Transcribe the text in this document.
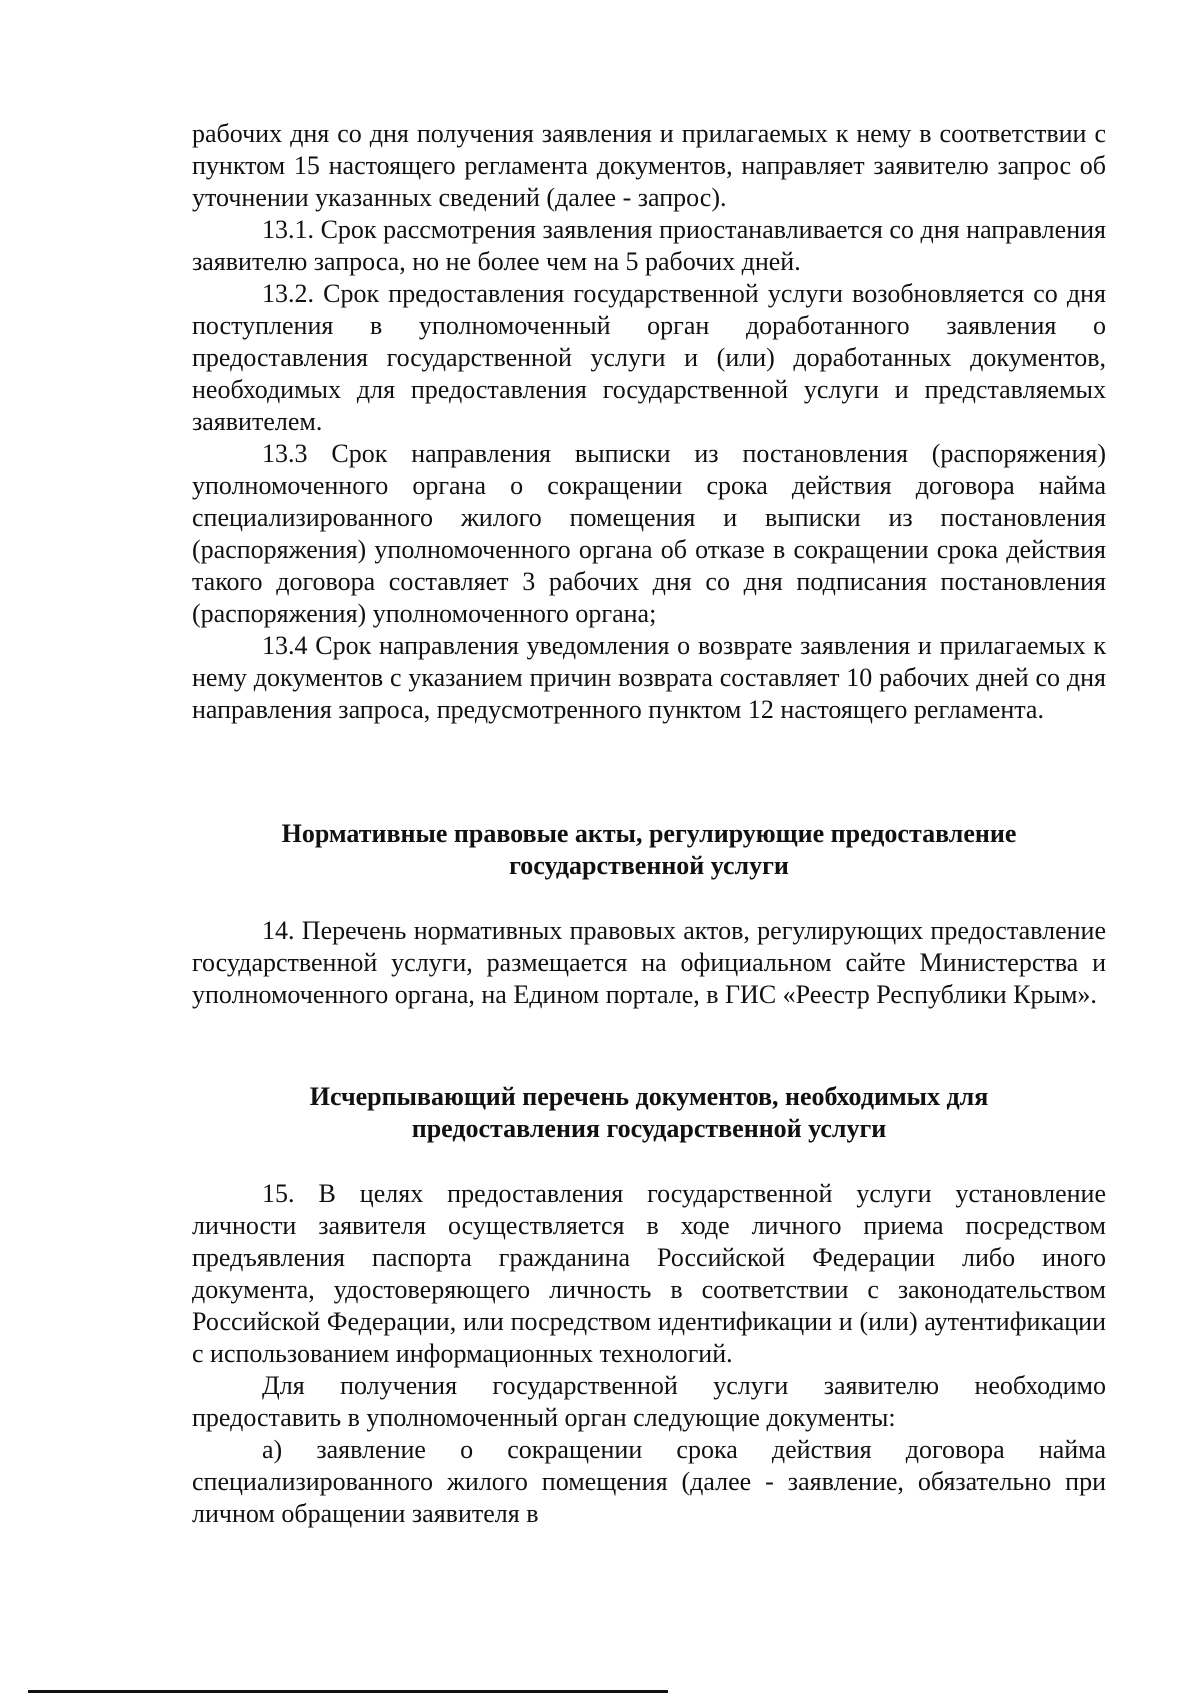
рабочих дня со дня получения заявления и прилагаемых к нему в соответствии с пунктом 15 настоящего регламента документов, направляет заявителю запрос об уточнении указанных сведений (далее - запрос).

13.1. Срок рассмотрения заявления приостанавливается со дня направления заявителю запроса, но не более чем на 5 рабочих дней.

13.2. Срок предоставления государственной услуги возобновляется со дня поступления в уполномоченный орган доработанного заявления о предоставления государственной услуги и (или) доработанных документов, необходимых для предоставления государственной услуги и представляемых заявителем.

13.3 Срок направления выписки из постановления (распоряжения) уполномоченного органа о сокращении срока действия договора найма специализированного жилого помещения и выписки из постановления (распоряжения) уполномоченного органа об отказе в сокращении срока действия такого договора составляет 3 рабочих дня со дня подписания постановления (распоряжения) уполномоченного органа;

13.4 Срок направления уведомления о возврате заявления и прилагаемых к нему документов с указанием причин возврата составляет 10 рабочих дней со дня направления запроса, предусмотренного пунктом 12 настоящего регламента.

Нормативные правовые акты, регулирующие предоставление
государственной услуги

14. Перечень нормативных правовых актов, регулирующих предоставление государственной услуги, размещается на официальном сайте Министерства и уполномоченного органа, на Едином портале, в ГИС «Реестр Республики Крым».

Исчерпывающий перечень документов, необходимых для
предоставления государственной услуги

15. В целях предоставления государственной услуги установление личности заявителя осуществляется в ходе личного приема посредством предъявления паспорта гражданина Российской Федерации либо иного документа, удостоверяющего личность в соответствии с законодательством Российской Федерации, или посредством идентификации и (или) аутентификации с использованием информационных технологий.

Для получения государственной услуги заявителю необходимо предоставить в уполномоченный орган следующие документы:

а) заявление о сокращении срока действия договора найма специализированного жилого помещения (далее - заявление, обязательно при личном обращении заявителя в
